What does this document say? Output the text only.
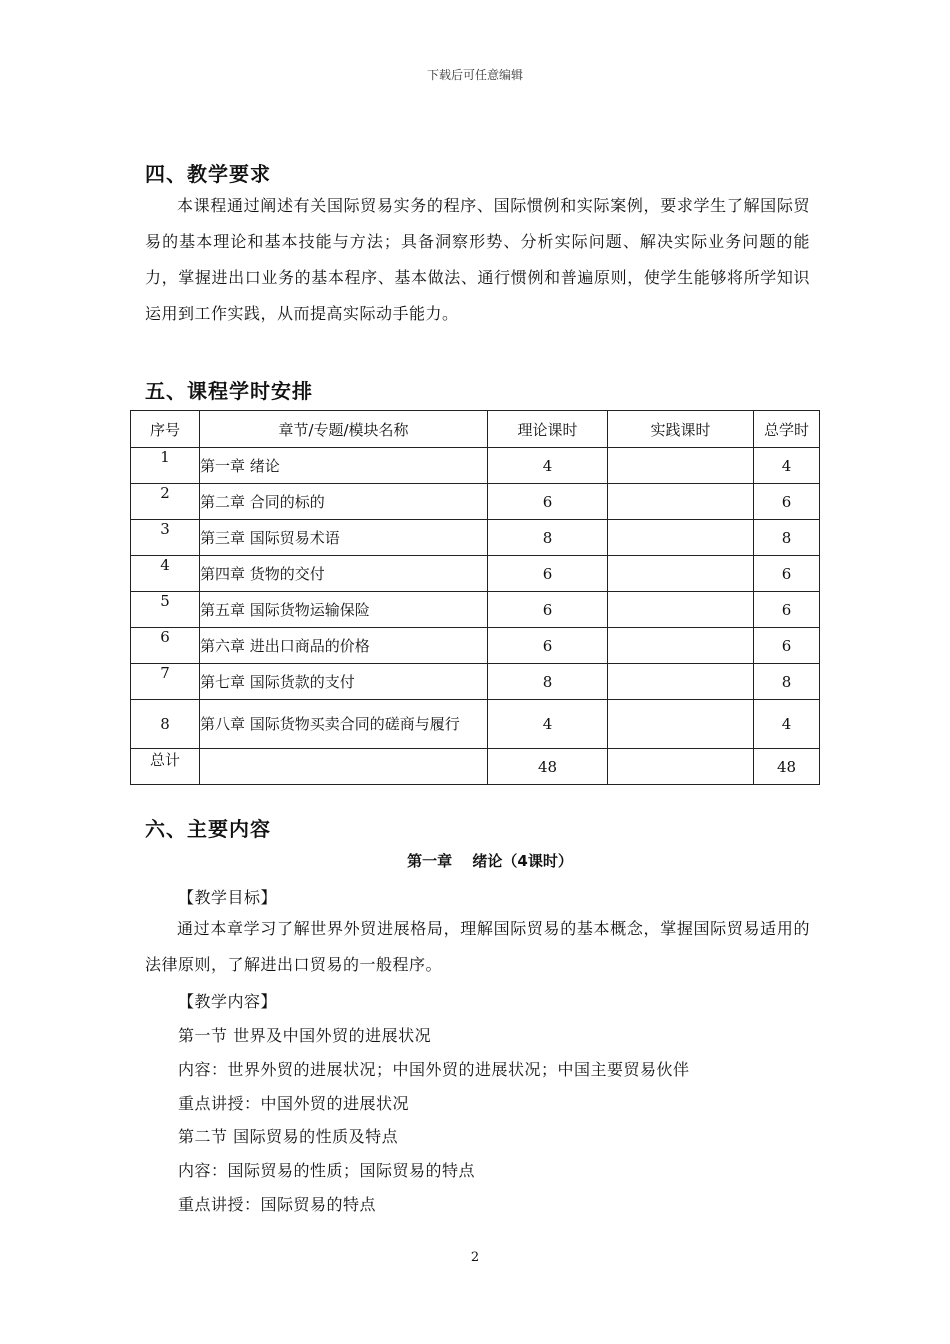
下载后可任意编辑
四、教学要求
本课程通过阐述有关国际贸易实务的程序、国际惯例和实际案例，要求学生了解国际贸易的基本理论和基本技能与方法；具备洞察形势、分析实际问题、解决实际业务问题的能力，掌握进出口业务的基本程序、基本做法、通行惯例和普遍原则，使学生能够将所学知识运用到工作实践，从而提高实际动手能力。
五、课程学时安排
序号	章节/专题/模块名称	理论课时	实践课时	总学时
1	第一章 绪论	4		4
2	第二章 合同的标的	6		6
3	第三章 国际贸易术语	8		8
4	第四章 货物的交付	6		6
5	第五章 国际货物运输保险	6		6
6	第六章 进出口商品的价格	6		6
7	第七章 国际货款的支付	8		8
8	第八章 国际货物买卖合同的磋商与履行	4		4
总计		48		48
六、主要内容
第一章　 绪论（4课时）
【教学目标】
通过本章学习了解世界外贸进展格局，理解国际贸易的基本概念，掌握国际贸易适用的法律原则，了解进出口贸易的一般程序。
【教学内容】
第一节 世界及中国外贸的进展状况
内容：世界外贸的进展状况；中国外贸的进展状况；中国主要贸易伙伴
重点讲授：中国外贸的进展状况
第二节 国际贸易的性质及特点
内容：国际贸易的性质；国际贸易的特点
重点讲授：国际贸易的特点
2
